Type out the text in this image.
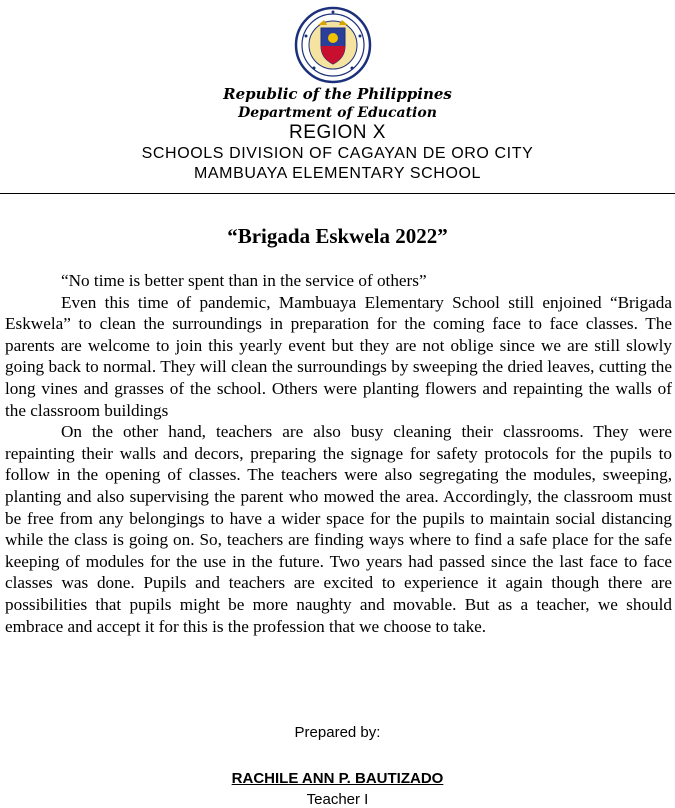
Republic of the Philippines
Department of Education
REGION X
SCHOOLS DIVISION OF CAGAYAN DE ORO CITY
MAMBUAYA ELEMENTARY SCHOOL
“Brigada Eskwela 2022”

“No time is better spent than in the service of others”

Even this time of pandemic, Mambuaya Elementary School still enjoined “Brigada Eskwela” to clean the surroundings in preparation for the coming face to face classes. The parents are welcome to join this yearly event but they are not oblige since we are still slowly going back to normal. They will clean the surroundings by sweeping the dried leaves, cutting the long vines and grasses of the school. Others were planting flowers and repainting the walls of the classroom buildings

On the other hand, teachers are also busy cleaning their classrooms. They were repainting their walls and decors, preparing the signage for safety protocols for the pupils to follow in the opening of classes. The teachers were also segregating the modules, sweeping, planting and also supervising the parent who mowed the area. Accordingly, the classroom must be free from any belongings to have a wider space for the pupils to maintain social distancing while the class is going on. So, teachers are finding ways where to find a safe place for the safe keeping of modules for the use in the future. Two years had passed since the last face to face classes was done. Pupils and teachers are excited to experience it again though there are possibilities that pupils might be more naughty and movable. But as a teacher, we should embrace and accept it for this is the profession that we choose to take.

Prepared by:
RACHILE ANN P. BAUTIZADO
Teacher I
